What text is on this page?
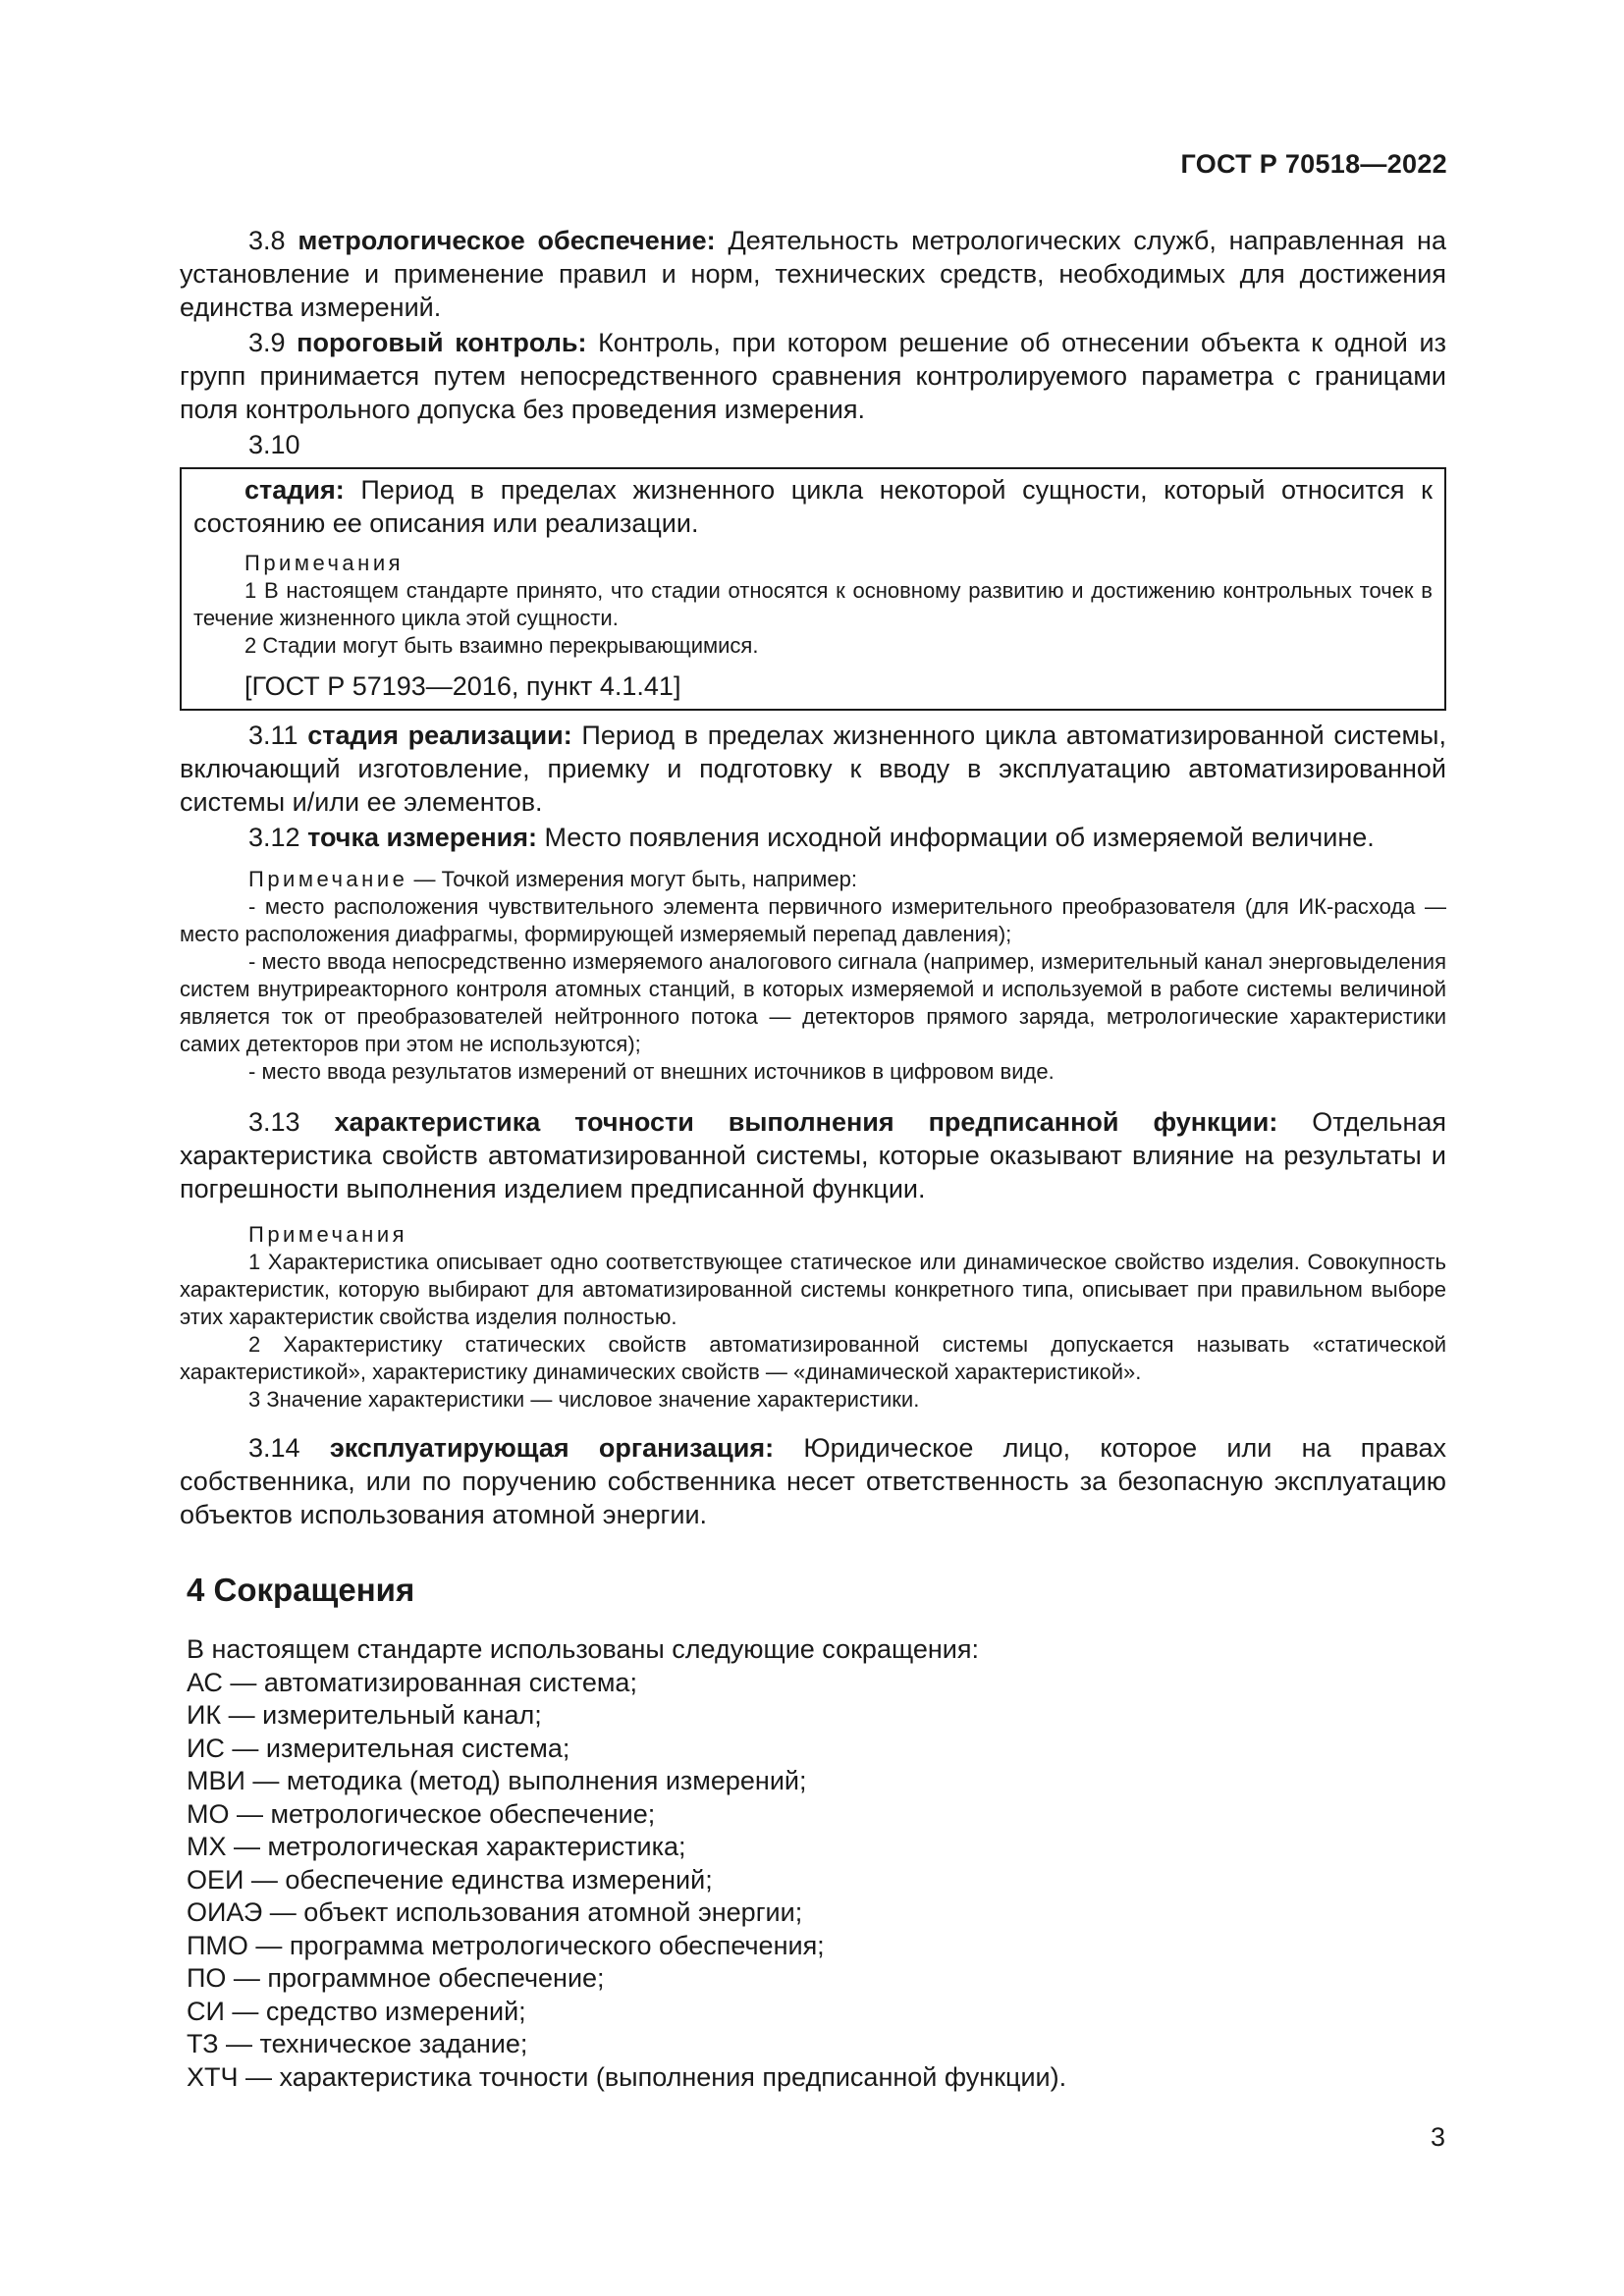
ГОСТ Р 70518—2022

3.8 метрологическое обеспечение: Деятельность метрологических служб, направленная на установление и применение правил и норм, технических средств, необходимых для достижения единства измерений.

3.9 пороговый контроль: Контроль, при котором решение об отнесении объекта к одной из групп принимается путем непосредственного сравнения контролируемого параметра с границами поля контрольного допуска без проведения измерения.

3.10

стадия: Период в пределах жизненного цикла некоторой сущности, который относится к состоянию ее описания или реализации.

Примечания

1 В настоящем стандарте принято, что стадии относятся к основному развитию и достижению контрольных точек в течение жизненного цикла этой сущности.

2 Стадии могут быть взаимно перекрывающимися.

[ГОСТ Р 57193—2016, пункт 4.1.41]

3.11 стадия реализации: Период в пределах жизненного цикла автоматизированной системы, включающий изготовление, приемку и подготовку к вводу в эксплуатацию автоматизированной системы и/или ее элементов.

3.12 точка измерения: Место появления исходной информации об измеряемой величине.

Примечание — Точкой измерения могут быть, например:

- место расположения чувствительного элемента первичного измерительного преобразователя (для ИК-расхода — место расположения диафрагмы, формирующей измеряемый перепад давления);

- место ввода непосредственно измеряемого аналогового сигнала (например, измерительный канал энерговыделения систем внутриреакторного контроля атомных станций, в которых измеряемой и используемой в работе системы величиной является ток от преобразователей нейтронного потока — детекторов прямого заряда, метрологические характеристики самих детекторов при этом не используются);

- место ввода результатов измерений от внешних источников в цифровом виде.

3.13 характеристика точности выполнения предписанной функции: Отдельная характеристика свойств автоматизированной системы, которые оказывают влияние на результаты и погрешности выполнения изделием предписанной функции.

Примечания

1 Характеристика описывает одно соответствующее статическое или динамическое свойство изделия. Совокупность характеристик, которую выбирают для автоматизированной системы конкретного типа, описывает при правильном выборе этих характеристик свойства изделия полностью.

2 Характеристику статических свойств автоматизированной системы допускается называть «статической характеристикой», характеристику динамических свойств — «динамической характеристикой».

3 Значение характеристики — числовое значение характеристики.

3.14 эксплуатирующая организация: Юридическое лицо, которое или на правах собственника, или по поручению собственника несет ответственность за безопасную эксплуатацию объектов использования атомной энергии.

4 Сокращения

В настоящем стандарте использованы следующие сокращения:

АС — автоматизированная система;

ИК — измерительный канал;

ИС — измерительная система;

МВИ — методика (метод) выполнения измерений;

МО — метрологическое обеспечение;

МХ — метрологическая характеристика;

ОЕИ — обеспечение единства измерений;

ОИАЭ — объект использования атомной энергии;

ПМО — программа метрологического обеспечения;

ПО — программное обеспечение;

СИ — средство измерений;

ТЗ — техническое задание;

ХТЧ — характеристика точности (выполнения предписанной функции).

3
